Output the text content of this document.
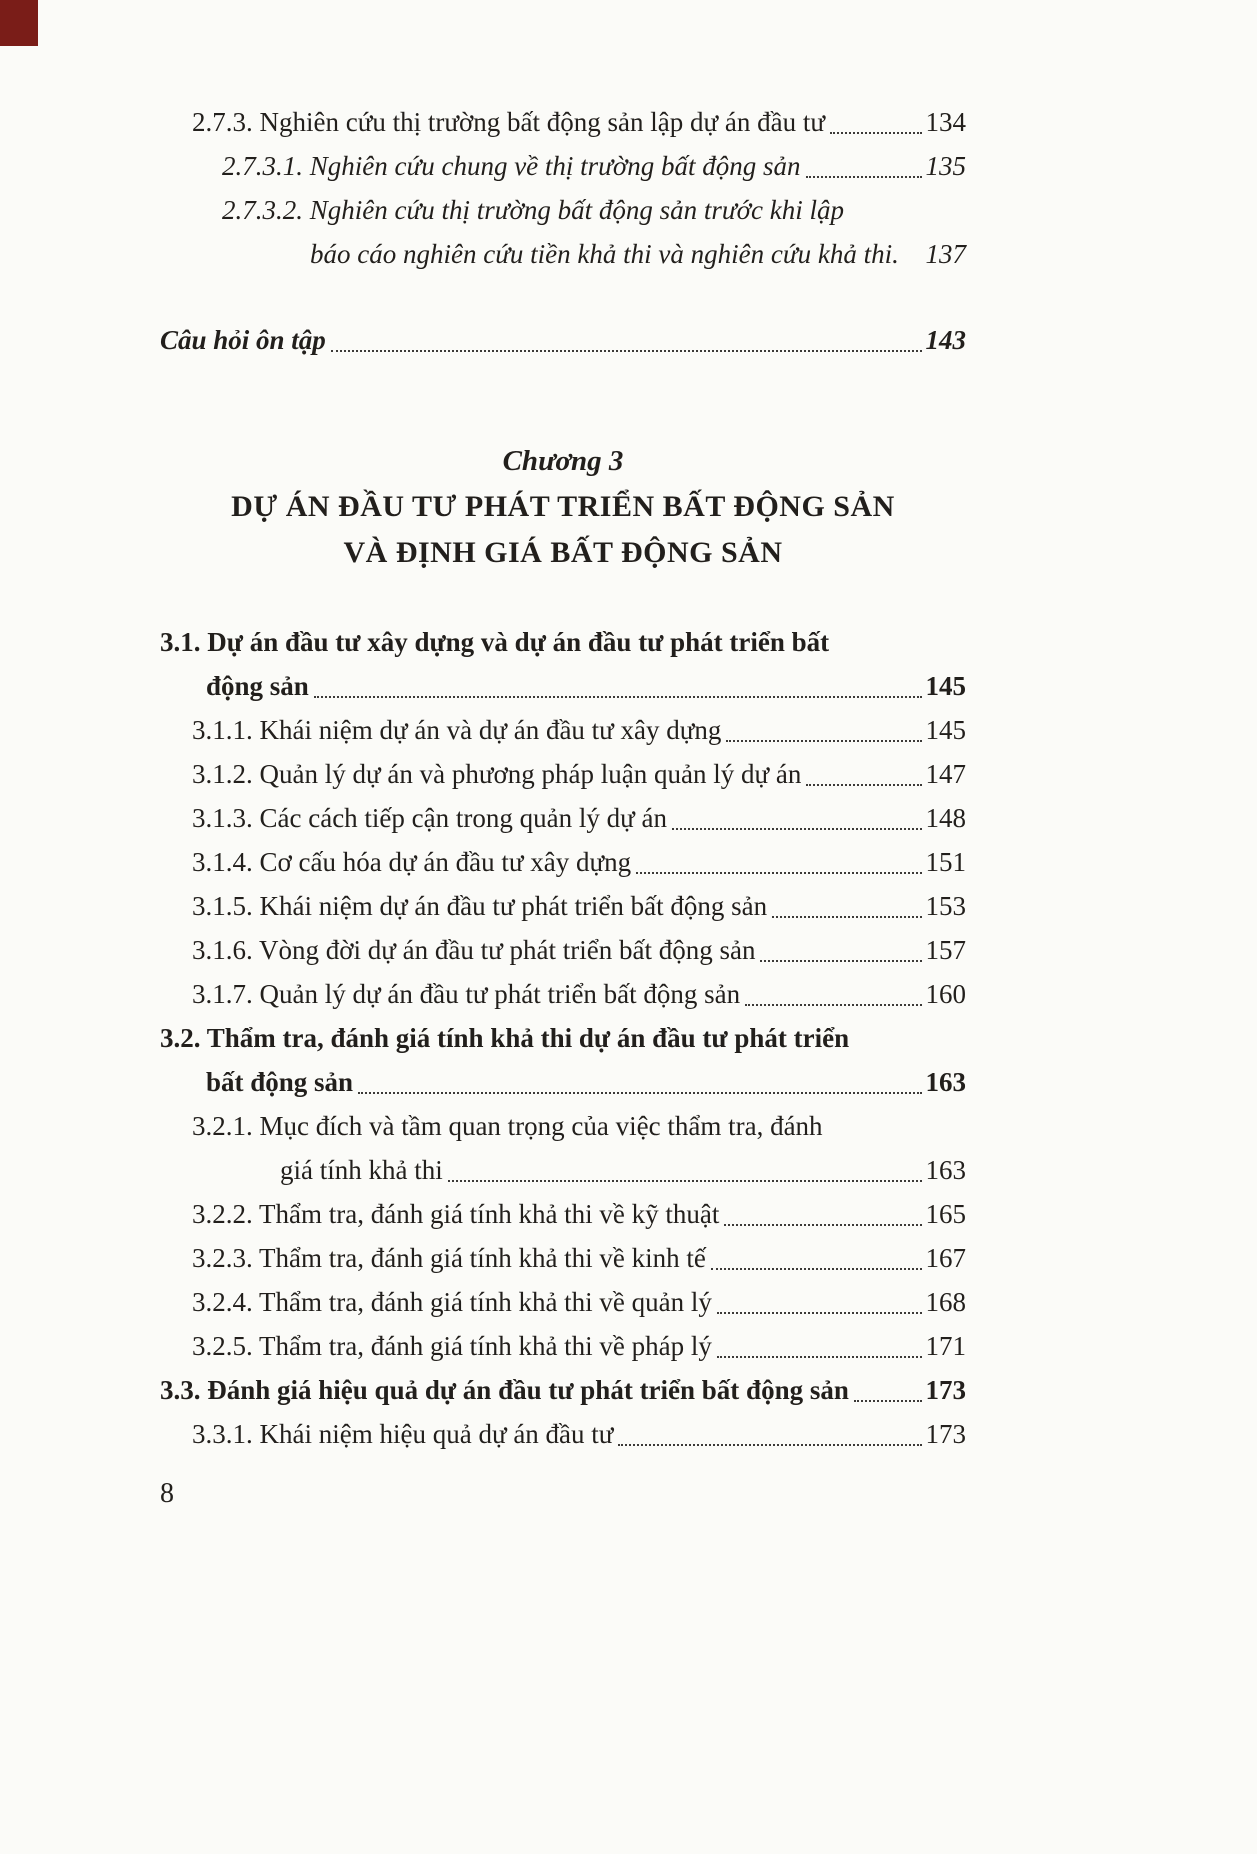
2.7.3. Nghiên cứu thị trường bất động sản lập dự án đầu tư	134
2.7.3.1. Nghiên cứu chung về thị trường bất động sản	135
2.7.3.2. Nghiên cứu thị trường bất động sản trước khi lập
báo cáo nghiên cứu tiền khả thi và nghiên cứu khả thi. 137
Câu hỏi ôn tập	143
Chương 3
DỰ ÁN ĐẦU TƯ PHÁT TRIỂN BẤT ĐỘNG SẢN
VÀ ĐỊNH GIÁ BẤT ĐỘNG SẢN
3.1. Dự án đầu tư xây dựng và dự án đầu tư phát triển bất
động sản	145
3.1.1. Khái niệm dự án và dự án đầu tư xây dựng	145
3.1.2. Quản lý dự án và phương pháp luận quản lý dự án	147
3.1.3. Các cách tiếp cận trong quản lý dự án	148
3.1.4. Cơ cấu hóa dự án đầu tư xây dựng	151
3.1.5. Khái niệm dự án đầu tư phát triển bất động sản	153
3.1.6. Vòng đời dự án đầu tư phát triển bất động sản	157
3.1.7. Quản lý dự án đầu tư phát triển bất động sản	160
3.2. Thẩm tra, đánh giá tính khả thi dự án đầu tư phát triển
bất động sản	163
3.2.1. Mục đích và tầm quan trọng của việc thẩm tra, đánh
giá tính khả thi	163
3.2.2. Thẩm tra, đánh giá tính khả thi về kỹ thuật	165
3.2.3. Thẩm tra, đánh giá tính khả thi về kinh tế	167
3.2.4. Thẩm tra, đánh giá tính khả thi về quản lý	168
3.2.5. Thẩm tra, đánh giá tính khả thi về pháp lý	171
3.3. Đánh giá hiệu quả dự án đầu tư phát triển bất động sản	173
3.3.1. Khái niệm hiệu quả dự án đầu tư	173
8
